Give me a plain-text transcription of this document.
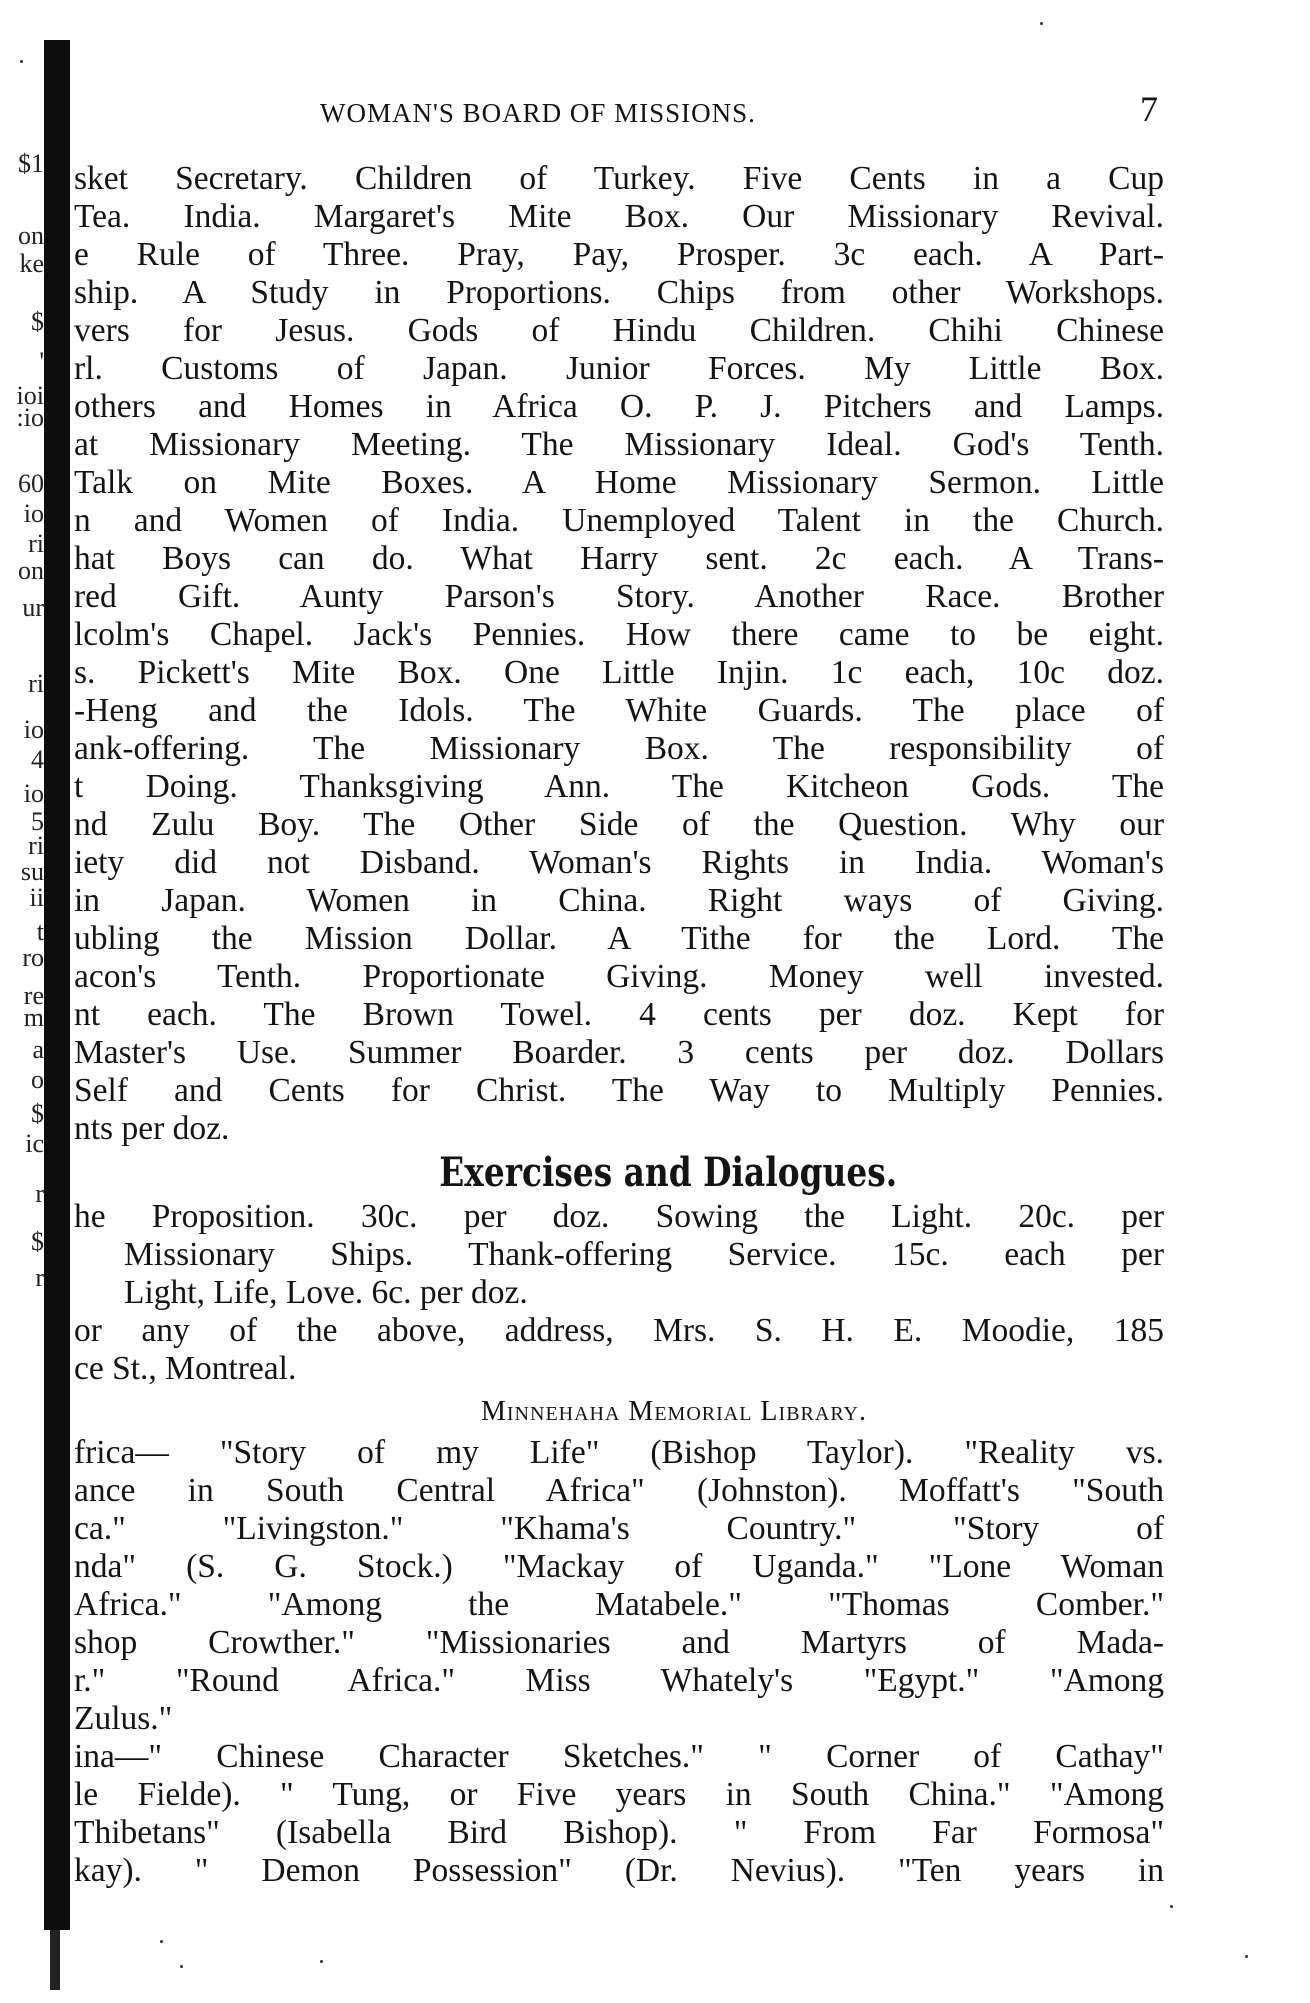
$1
on
ke
$
'
ioi
:io
60
io
ri
on
ur
ri
io
4
io
5
ri
su
ii
t
ro
re
m
a
o
$
ic
r
$
r
WOMAN'S BOARD OF MISSIONS.	7
sket Secretary. Children of Turkey. Five Cents in a Cup
Tea. India. Margaret's Mite Box. Our Missionary Revival.
e Rule of Three. Pray, Pay, Prosper. 3c each. A Part-
ship. A Study in Proportions. Chips from other Workshops.
vers for Jesus. Gods of Hindu Children. Chihi Chinese
rl. Customs of Japan. Junior Forces. My Little Box.
others and Homes in Africa O. P. J. Pitchers and Lamps.
at Missionary Meeting. The Missionary Ideal. God's Tenth.
Talk on Mite Boxes. A Home Missionary Sermon. Little
n and Women of India. Unemployed Talent in the Church.
hat Boys can do. What Harry sent. 2c each. A Trans-
red Gift. Aunty Parson's Story. Another Race. Brother
lcolm's Chapel. Jack's Pennies. How there came to be eight.
s. Pickett's Mite Box. One Little Injin. 1c each, 10c doz.
-Heng and the Idols. The White Guards. The place of
ank-offering. The Missionary Box. The responsibility of
t Doing. Thanksgiving Ann. The Kitcheon Gods. The
nd Zulu Boy. The Other Side of the Question. Why our
iety did not Disband. Woman's Rights in India. Woman's
in Japan. Women in China. Right ways of Giving.
ubling the Mission Dollar. A Tithe for the Lord. The
acon's Tenth. Proportionate Giving. Money well invested.
nt each. The Brown Towel. 4 cents per doz. Kept for
Master's Use. Summer Boarder. 3 cents per doz. Dollars
Self and Cents for Christ. The Way to Multiply Pennies.
nts per doz.
Exercises and Dialogues.
he Proposition. 30c. per doz. Sowing the Light. 20c. per
Missionary Ships. Thank-offering Service. 15c. each per
Light, Life, Love. 6c. per doz.
or any of the above, address, Mrs. S. H. E. Moodie, 185
ce St., Montreal.
Minnehaha Memorial Library.
frica— "Story of my Life" (Bishop Taylor). "Reality vs.
ance in South Central Africa" (Johnston). Moffatt's "South
ca." "Livingston." "Khama's Country." "Story of
nda" (S. G. Stock.) "Mackay of Uganda." "Lone Woman
Africa." "Among the Matabele." "Thomas Comber."
shop Crowther." "Missionaries and Martyrs of Mada-
r." "Round Africa." Miss Whately's "Egypt." "Among
Zulus."
ina—" Chinese Character Sketches." " Corner of Cathay"
le Fielde). " Tung, or Five years in South China." "Among
Thibetans" (Isabella Bird Bishop). " From Far Formosa"
kay). " Demon Possession" (Dr. Nevius). "Ten years in
